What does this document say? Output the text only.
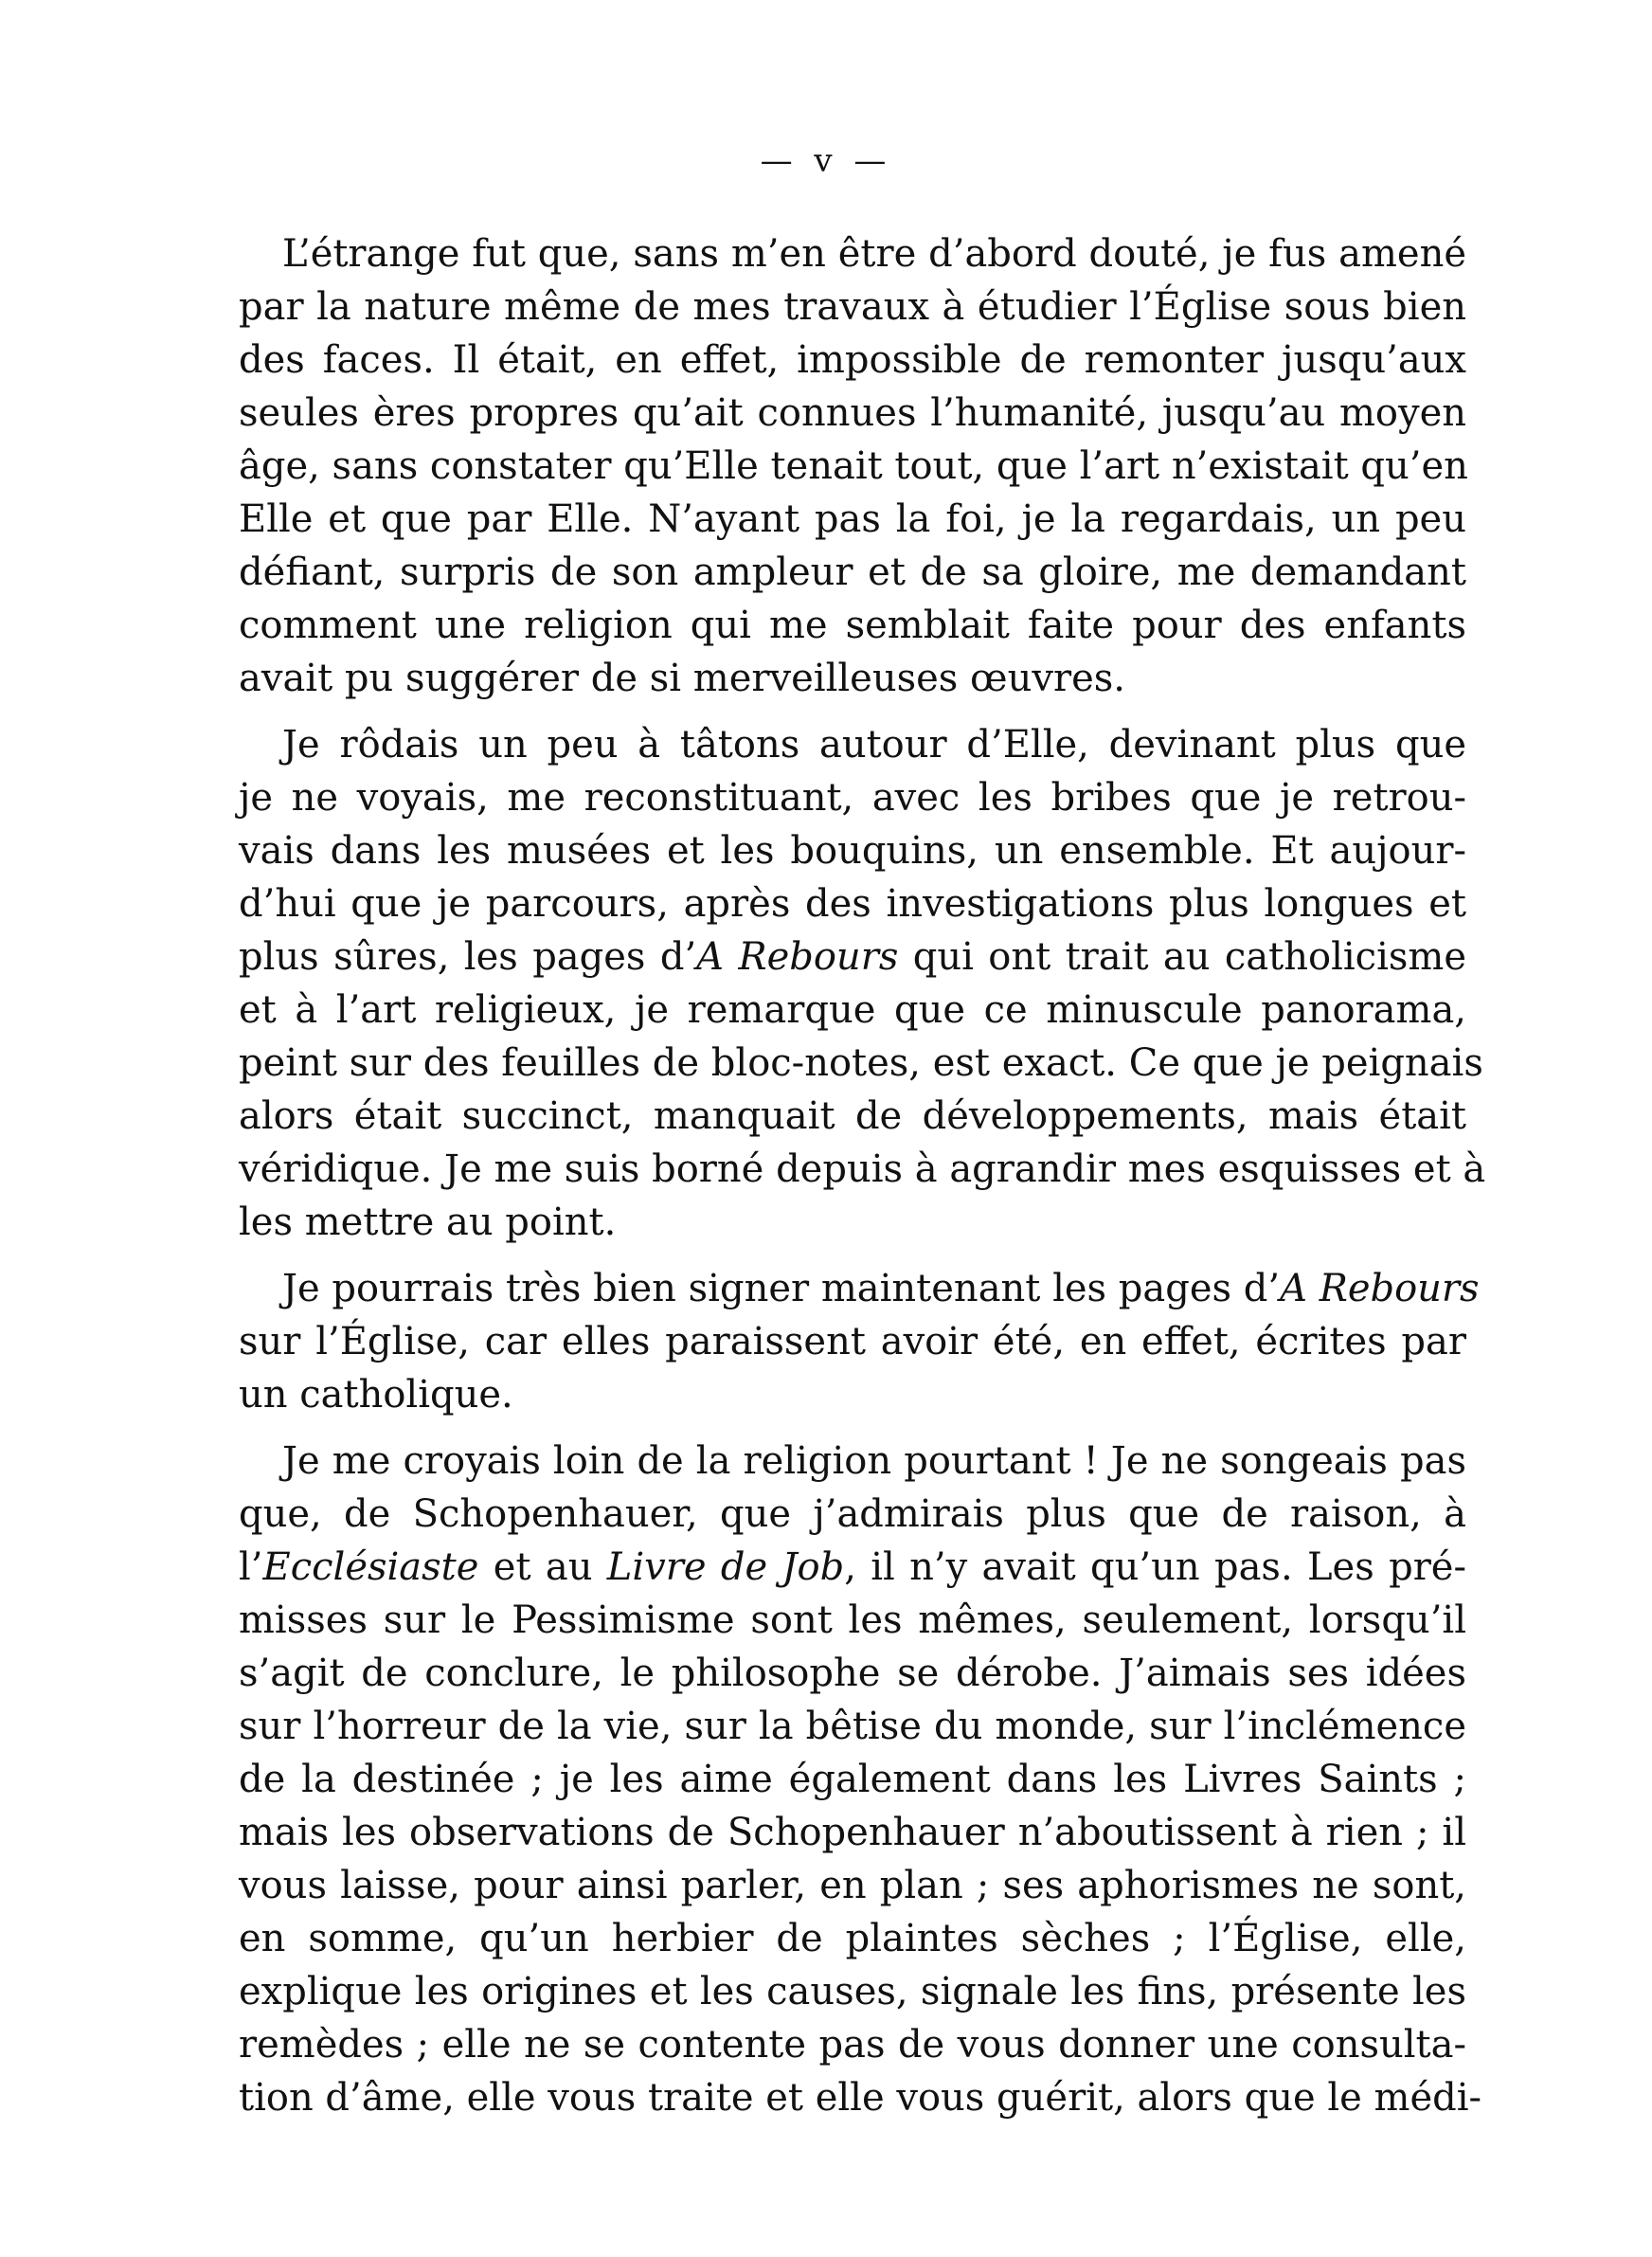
— v —
L’étrange fut que, sans m’en être d’abord douté, je fus amené
par la nature même de mes travaux à étudier l’Église sous bien
des faces. Il était, en effet, impossible de remonter jusqu’aux
seules ères propres qu’ait connues l’humanité, jusqu’au moyen
âge, sans constater qu’Elle tenait tout, que l’art n’existait qu’en
Elle et que par Elle. N’ayant pas la foi, je la regardais, un peu
défiant, surpris de son ampleur et de sa gloire, me demandant
comment une religion qui me semblait faite pour des enfants
avait pu suggérer de si merveilleuses œuvres.
Je rôdais un peu à tâtons autour d’Elle, devinant plus que
je ne voyais, me reconstituant, avec les bribes que je retrou-
vais dans les musées et les bouquins, un ensemble. Et aujour-
d’hui que je parcours, après des investigations plus longues et
plus sûres, les pages d’A Rebours qui ont trait au catholicisme
et à l’art religieux, je remarque que ce minuscule panorama,
peint sur des feuilles de bloc-notes, est exact. Ce que je peignais
alors était succinct, manquait de développements, mais était
véridique. Je me suis borné depuis à agrandir mes esquisses et à
les mettre au point.
Je pourrais très bien signer maintenant les pages d’A Rebours
sur l’Église, car elles paraissent avoir été, en effet, écrites par
un catholique.
Je me croyais loin de la religion pourtant ! Je ne songeais pas
que, de Schopenhauer, que j’admirais plus que de raison, à
l’Ecclésiaste et au Livre de Job, il n’y avait qu’un pas. Les pré-
misses sur le Pessimisme sont les mêmes, seulement, lorsqu’il
s’agit de conclure, le philosophe se dérobe. J’aimais ses idées
sur l’horreur de la vie, sur la bêtise du monde, sur l’inclémence
de la destinée ; je les aime également dans les Livres Saints ;
mais les observations de Schopenhauer n’aboutissent à rien ; il
vous laisse, pour ainsi parler, en plan ; ses aphorismes ne sont,
en somme, qu’un herbier de plaintes sèches ; l’Église, elle,
explique les origines et les causes, signale les fins, présente les
remèdes ; elle ne se contente pas de vous donner une consulta-
tion d’âme, elle vous traite et elle vous guérit, alors que le médi-
